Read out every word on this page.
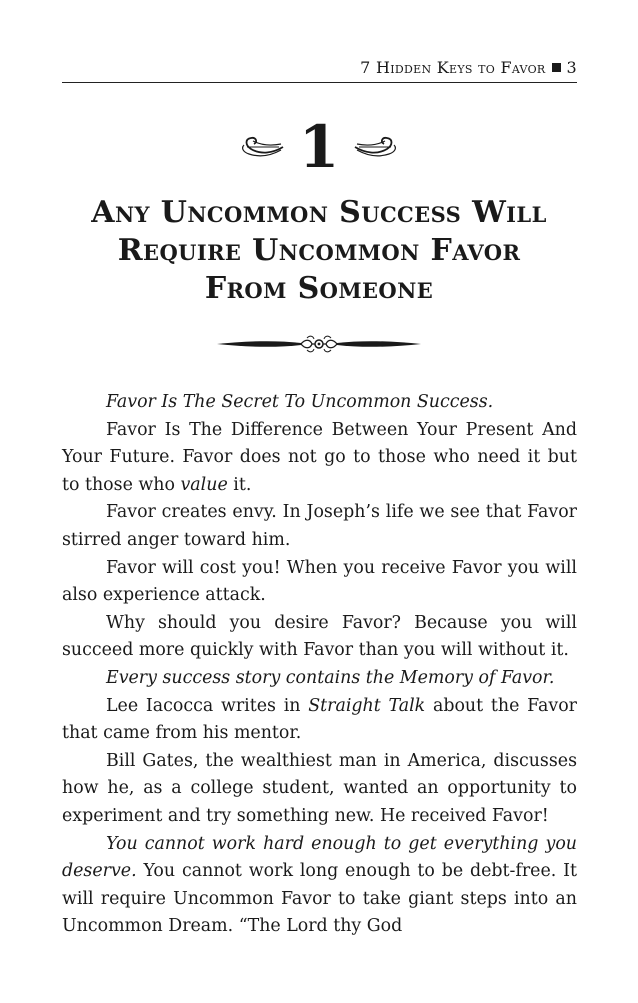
7 Hidden Keys to Favor 3
1
Any Uncommon Success Will
Require Uncommon Favor
From Someone

Favor Is The Secret To Uncommon Success.

Favor Is The Difference Between Your Present And Your Future. Favor does not go to those who need it but to those who value it.

Favor creates envy. In Joseph’s life we see that Favor stirred anger toward him.

Favor will cost you! When you receive Favor you will also experience attack.

Why should you desire Favor? Because you will succeed more quickly with Favor than you will without it.

Every success story contains the Memory of Favor.

Lee Iacocca writes in Straight Talk about the Favor that came from his mentor.

Bill Gates, the wealthiest man in America, discusses how he, as a college student, wanted an opportunity to experiment and try something new. He received Favor!

You cannot work hard enough to get everything you deserve. You cannot work long enough to be debt-free. It will require Uncommon Favor to take giant steps into an Uncommon Dream. “The Lord thy God
